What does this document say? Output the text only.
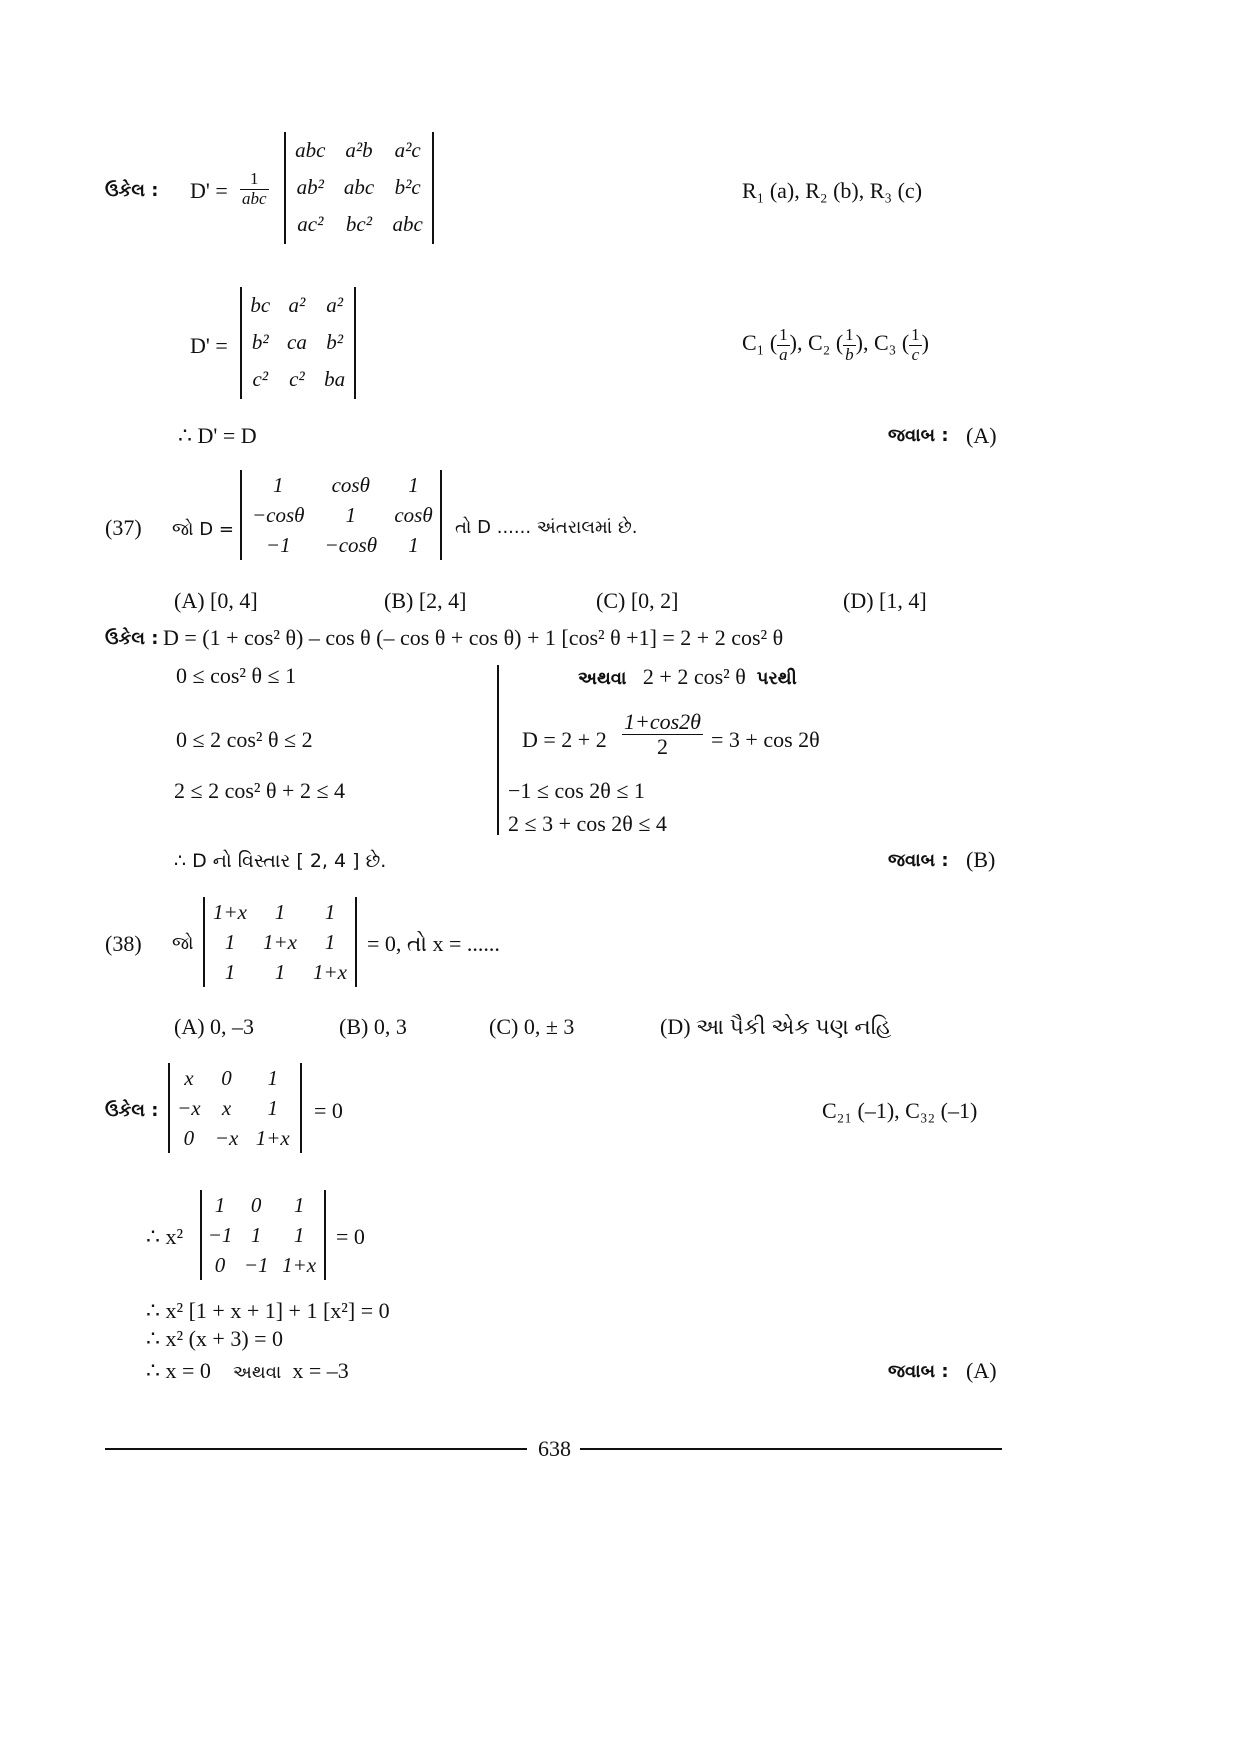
ઉકેલ : $D' = \frac{1}{\text{abc}}$
abc	a²b	a²c
ab²	abc	b²c
ac²	bc²	abc
R₁ (a), R₂ (b), R₃ (c)
D' =
bc	a²	a²
b²	ca	b²
c²	c²	ba
C₁ ( $\frac{1}{a}$ ), C₂ ( $\frac{1}{b}$ ), C₃ ( $\frac{1}{c}$ )
∴ D' = D	જવાબ : (A)
(37) જો D =
1	cosθ	1
−cosθ	1	cosθ
−1	−cosθ	1
તો D ...... અંતરાલમાં છે.
(A) [0, 4]	(B) [2, 4]	(C) [0, 2]	(D) [1, 4]
ઉકેલ : D = (1 + cos² θ) – cos θ (– cos θ + cos θ) + 1 [cos² θ +1] = 2 + 2 cos² θ
0 ≤ cos² θ ≤ 1
0 ≤ 2 cos² θ ≤ 2
2 ≤ 2 cos² θ + 2 ≤ 4
અથવા 2 + 2 cos² θ પરથી
$D = 2 + 2 \frac{1+\cos 2\theta}{2} = 3 + \cos 2\theta$
−1 ≤ cos 2θ ≤ 1
2 ≤ 3 + cos 2θ ≤ 4
∴ D નો વિસ્તાર [ 2, 4 ] છે.	જવાબ : (B)
(38) જો
1+x	1	1
1	1+x	1
1	1	1+x
= 0, તો x = ......
(A) 0, –3	(B) 0, 3	(C) 0, ± 3	(D) આ પૈકી એક પણ નહિ
ઉકેલ :
x	0	1
−x	x	1
0	−x	1+x
= 0	C₂₁ (–1), C₃₂ (–1)
∴ x²
1	0	1
−1	1	1
0	−1	1+x
= 0
∴ x² [1 + x + 1] + 1 [x²] = 0
∴ x² (x + 3) = 0
∴ x = 0 અથવા x = –3	જવાબ : (A)
638
